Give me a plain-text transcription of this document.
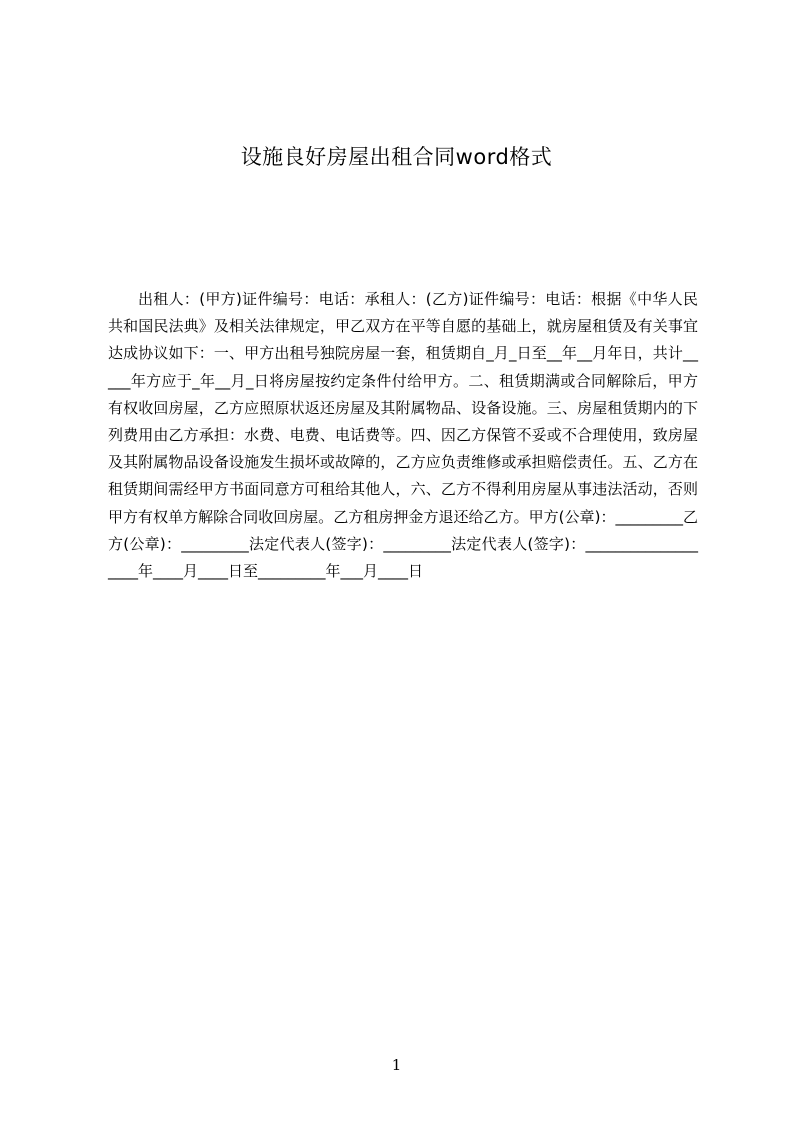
设施良好房屋出租合同word格式

出租人：(甲方)证件编号：电话：承租人：(乙方)证件编号：电话：根据《中华人民共和国民法典》及相关法律规定，甲乙双方在平等自愿的基础上，就房屋租赁及有关事宜达成协议如下：一、甲方出租号独院房屋一套，租赁期自_月_日至__年__月年日，共计_____年方应于_年__月_日将房屋按约定条件付给甲方。二、租赁期满或合同解除后，甲方有权收回房屋，乙方应照原状返还房屋及其附属物品、设备设施。三、房屋租赁期内的下列费用由乙方承担：水费、电费、电话费等。四、因乙方保管不妥或不合理使用，致房屋及其附属物品设备设施发生损坏或故障的，乙方应负责维修或承担赔偿责任。五、乙方在租赁期间需经甲方书面同意方可租给其他人，六、乙方不得利用房屋从事违法活动，否则甲方有权单方解除合同收回房屋。乙方租房押金方退还给乙方。甲方(公章)：_________乙方(公章)：_________法定代表人(签字)：_________法定代表人(签字)：___________________年____月____日至_________年___月____日

1
